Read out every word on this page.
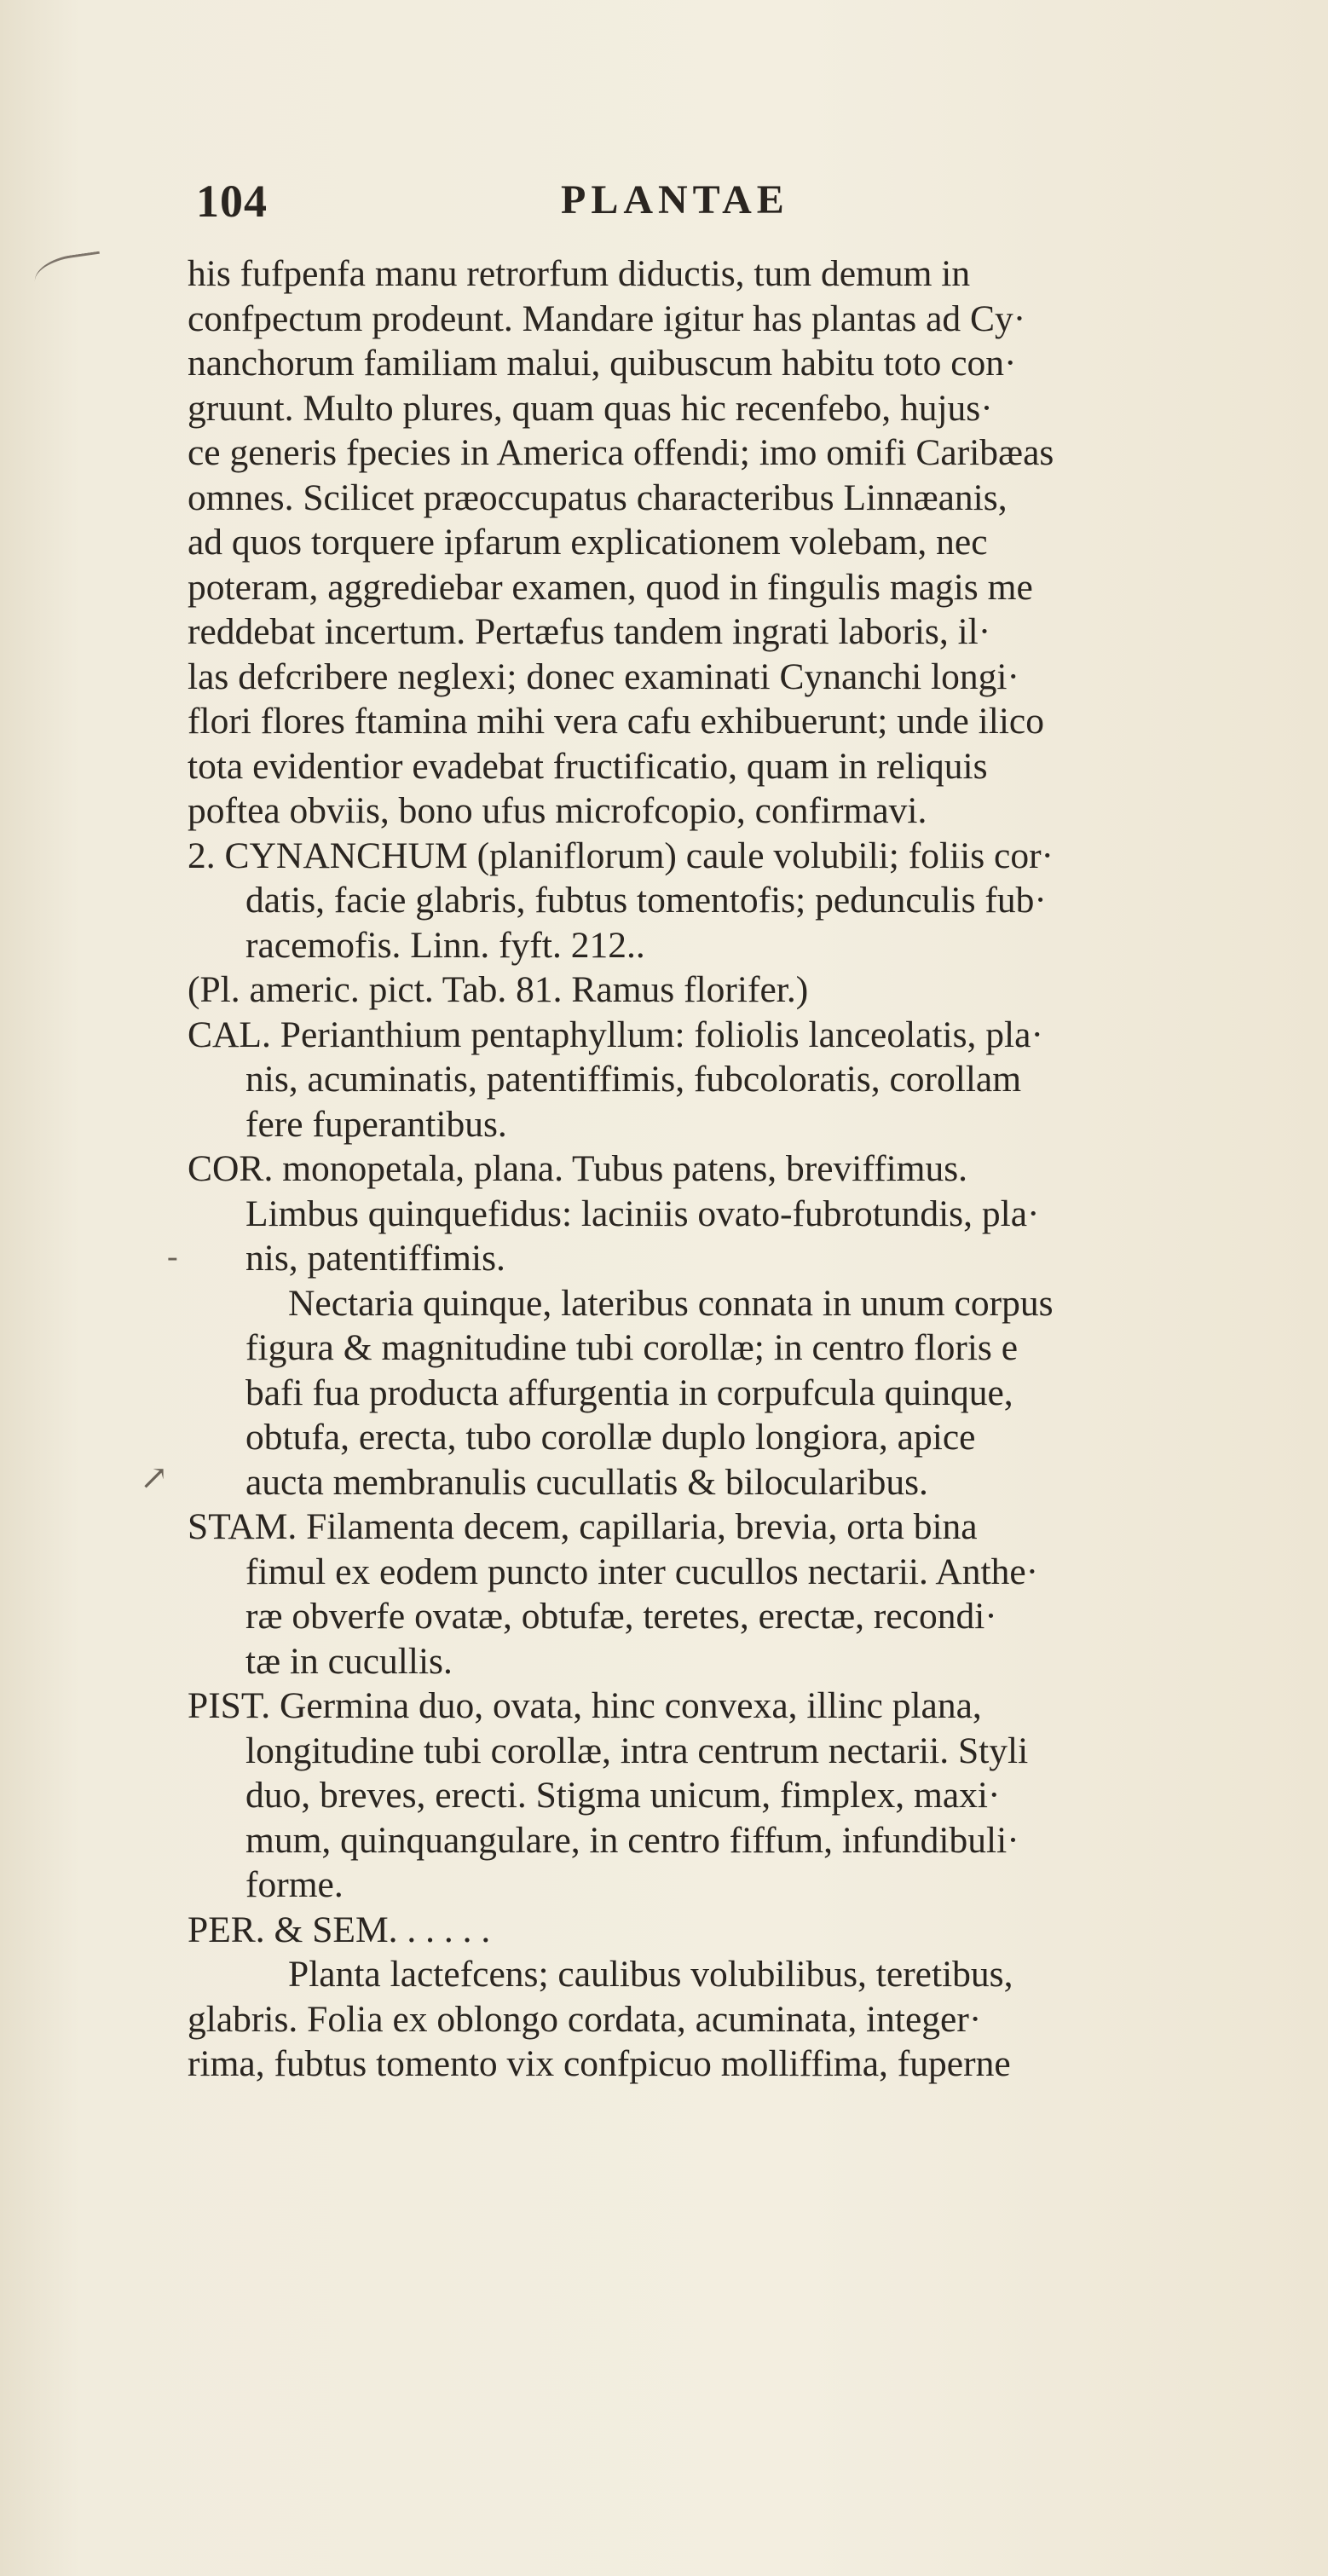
104	PLANTAE
-
↗
his fufpenfa manu retrorfum diductis, tum demum in
confpectum prodeunt. Mandare igitur has plantas ad Cy·
nanchorum familiam malui, quibuscum habitu toto con·
gruunt. Multo plures, quam quas hic recenfebo, hujus·
ce generis fpecies in America offendi; imo omifi Caribæas
omnes. Scilicet præoccupatus characteribus Linnæanis,
ad quos torquere ipfarum explicationem volebam, nec
poteram, aggrediebar examen, quod in fingulis magis me
reddebat incertum. Pertæfus tandem ingrati laboris, il·
las defcribere neglexi; donec examinati Cynanchi longi·
flori flores ftamina mihi vera cafu exhibuerunt; unde ilico
tota evidentior evadebat fructificatio, quam in reliquis
poftea obviis, bono ufus microfcopio, confirmavi.
2. CYNANCHUM (planiflorum) caule volubili; foliis cor·
datis, facie glabris, fubtus tomentofis; pedunculis fub·
racemofis. Linn. fyft. 212..
(Pl. americ. pict. Tab. 81. Ramus florifer.)
CAL. Perianthium pentaphyllum: foliolis lanceolatis, pla·
nis, acuminatis, patentiffimis, fubcoloratis, corollam
fere fuperantibus.
COR. monopetala, plana. Tubus patens, breviffimus.
Limbus quinquefidus: laciniis ovato-fubrotundis, pla·
nis, patentiffimis.
Nectaria quinque, lateribus connata in unum corpus
figura & magnitudine tubi corollæ; in centro floris e
bafi fua producta affurgentia in corpufcula quinque,
obtufa, erecta, tubo corollæ duplo longiora, apice
aucta membranulis cucullatis & bilocularibus.
STAM. Filamenta decem, capillaria, brevia, orta bina
fimul ex eodem puncto inter cucullos nectarii. Anthe·
ræ obverfe ovatæ, obtufæ, teretes, erectæ, recondi·
tæ in cucullis.
PIST. Germina duo, ovata, hinc convexa, illinc plana,
longitudine tubi corollæ, intra centrum nectarii. Styli
duo, breves, erecti. Stigma unicum, fimplex, maxi·
mum, quinquangulare, in centro fiffum, infundibuli·
forme.
PER. & SEM. . . . . .
Planta lactefcens; caulibus volubilibus, teretibus,
glabris. Folia ex oblongo cordata, acuminata, integer·
rima, fubtus tomento vix confpicuo molliffima, fuperne
